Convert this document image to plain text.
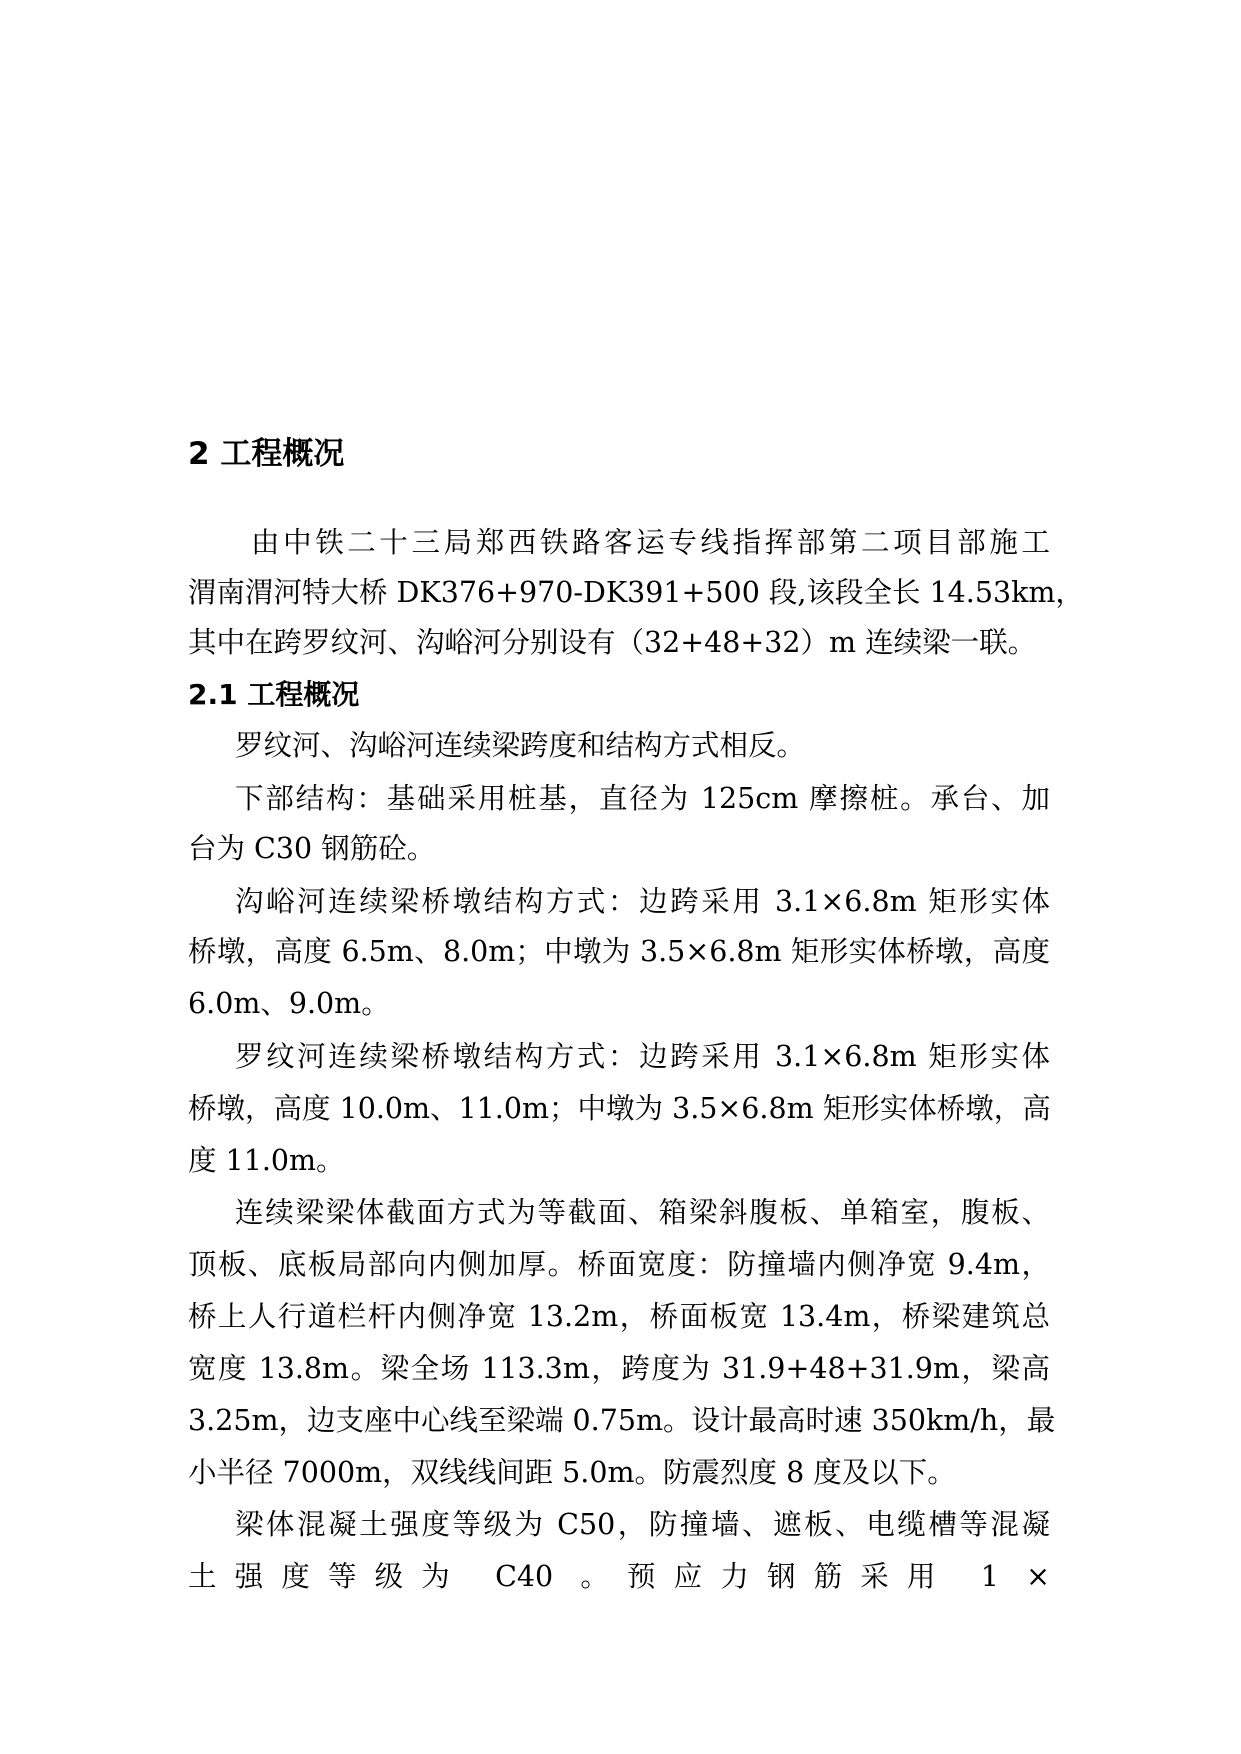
2 工程概况
由中铁二十三局郑西铁路客运专线指挥部第二项目部施工
渭南渭河特大桥 DK376+970-DK391+500 段,该段全长 14.53km，
其中在跨罗纹河、沟峪河分别设有（32+48+32）m 连续梁一联。
2.1 工程概况
罗纹河、沟峪河连续梁跨度和结构方式相反。
下部结构：基础采用桩基，直径为 125cm 摩擦桩。承台、加
台为 C30 钢筋砼。
沟峪河连续梁桥墩结构方式：边跨采用 3.1×6.8m 矩形实体
桥墩，高度 6.5m、8.0m；中墩为 3.5×6.8m 矩形实体桥墩，高度
6.0m、9.0m。
罗纹河连续梁桥墩结构方式：边跨采用 3.1×6.8m 矩形实体
桥墩，高度 10.0m、11.0m；中墩为 3.5×6.8m 矩形实体桥墩，高
度 11.0m。
连续梁梁体截面方式为等截面、箱梁斜腹板、单箱室，腹板、
顶板、底板局部向内侧加厚。桥面宽度：防撞墙内侧净宽 9.4m，
桥上人行道栏杆内侧净宽 13.2m，桥面板宽 13.4m，桥梁建筑总
宽度 13.8m。梁全场 113.3m，跨度为 31.9+48+31.9m，梁高
3.25m，边支座中心线至梁端 0.75m。设计最高时速 350km/h，最
小半径 7000m，双线线间距 5.0m。防震烈度 8 度及以下。
梁体混凝土强度等级为 C50，防撞墙、遮板、电缆槽等混凝
土强度等级为 C40 。预应力钢筋采用 1 ×
